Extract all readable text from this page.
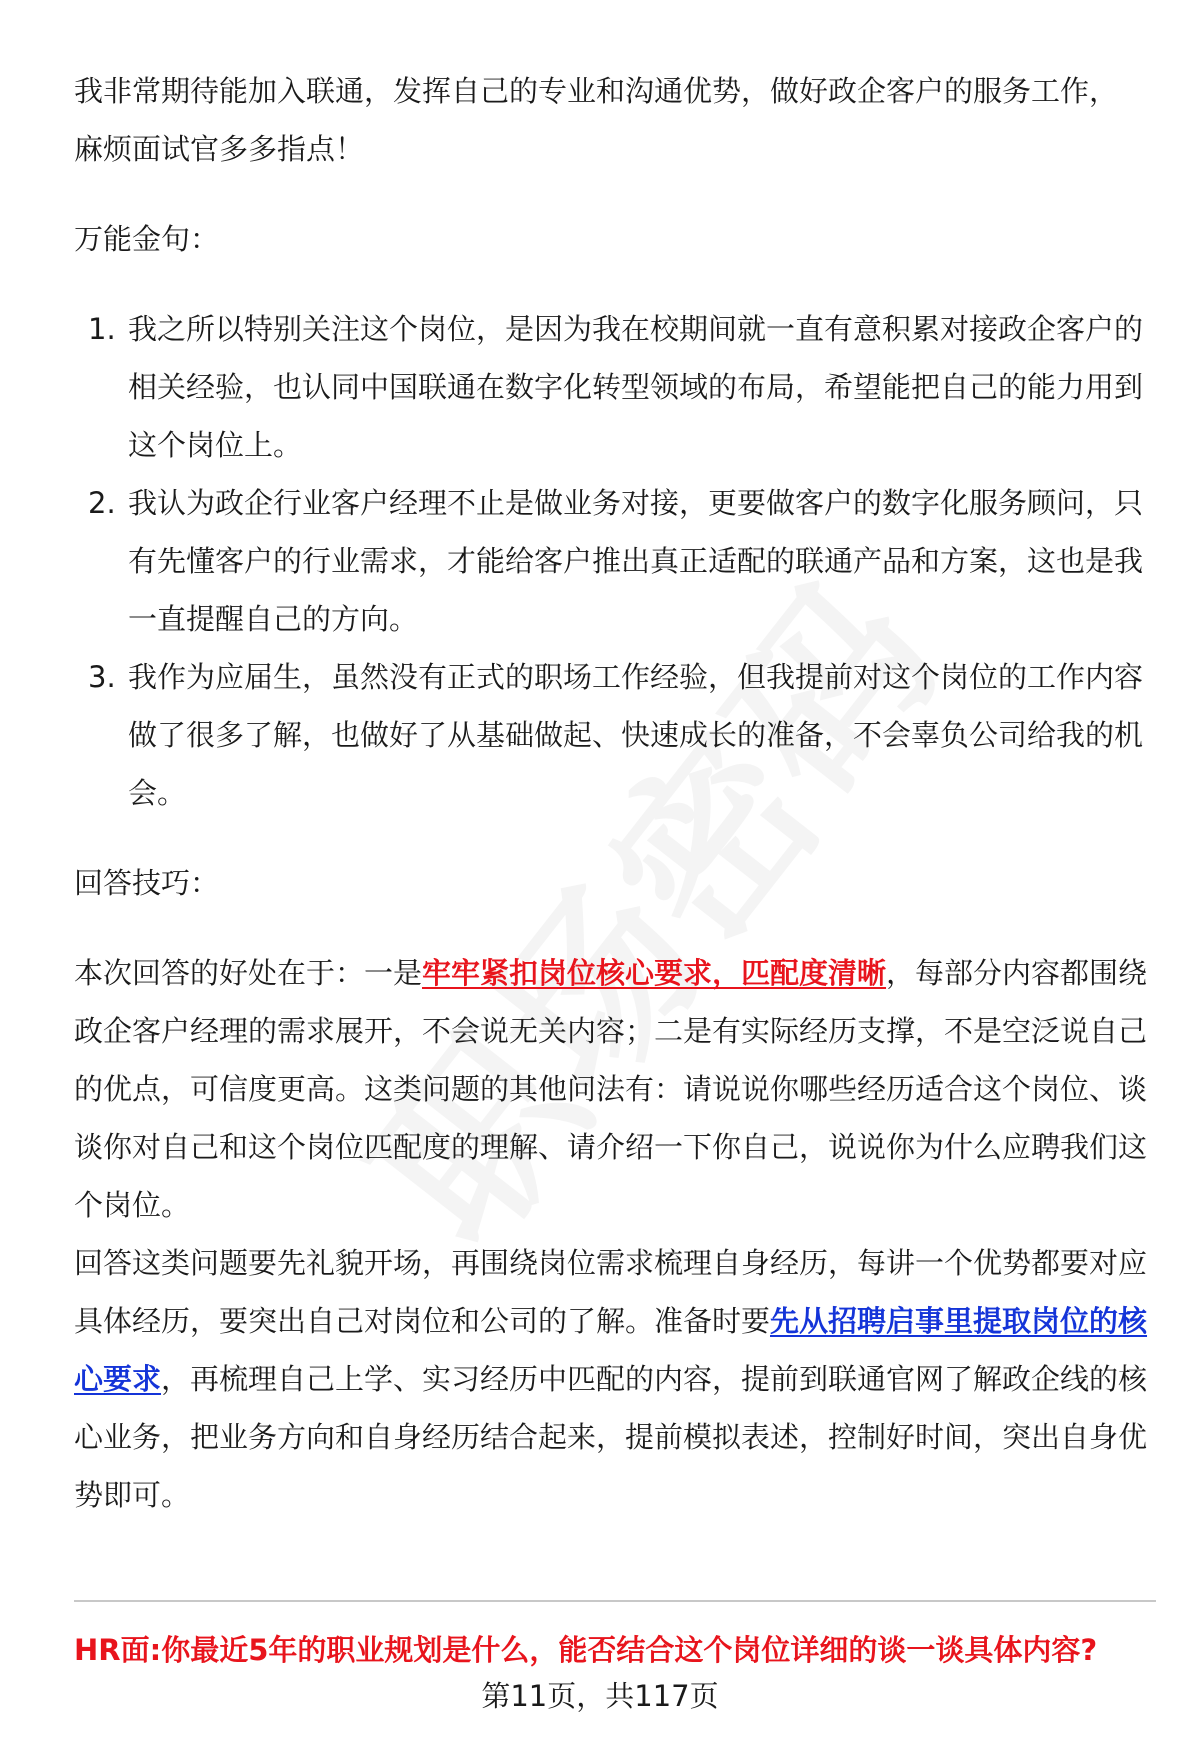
我非常期待能加入联通，发挥自己的专业和沟通优势，做好政企客户的服务工作，
麻烦面试官多多指点！

万能金句：

1. 我之所以特别关注这个岗位，是因为我在校期间就一直有意积累对接政企客户的相关经验，也认同中国联通在数字化转型领域的布局，希望能把自己的能力用到这个岗位上。
2. 我认为政企行业客户经理不止是做业务对接，更要做客户的数字化服务顾问，只有先懂客户的行业需求，才能给客户推出真正适配的联通产品和方案，这也是我一直提醒自己的方向。
3. 我作为应届生，虽然没有正式的职场工作经验，但我提前对这个岗位的工作内容做了很多了解，也做好了从基础做起、快速成长的准备，不会辜负公司给我的机会。

回答技巧：

本次回答的好处在于：一是牢牢紧扣岗位核心要求，匹配度清晰，每部分内容都围绕政企客户经理的需求展开，不会说无关内容；二是有实际经历支撑，不是空泛说自己的优点，可信度更高。这类问题的其他问法有：请说说你哪些经历适合这个岗位、谈谈你对自己和这个岗位匹配度的理解、请介绍一下你自己，说说你为什么应聘我们这个岗位。

回答这类问题要先礼貌开场，再围绕岗位需求梳理自身经历，每讲一个优势都要对应具体经历，要突出自己对岗位和公司的了解。准备时要先从招聘启事里提取岗位的核心要求，再梳理自己上学、实习经历中匹配的内容，提前到联通官网了解政企线的核心业务，把业务方向和自身经历结合起来，提前模拟表述，控制好时间，突出自身优势即可。

HR面:你最近5年的职业规划是什么，能否结合这个岗位详细的谈一谈具体内容?
第11页，共117页
